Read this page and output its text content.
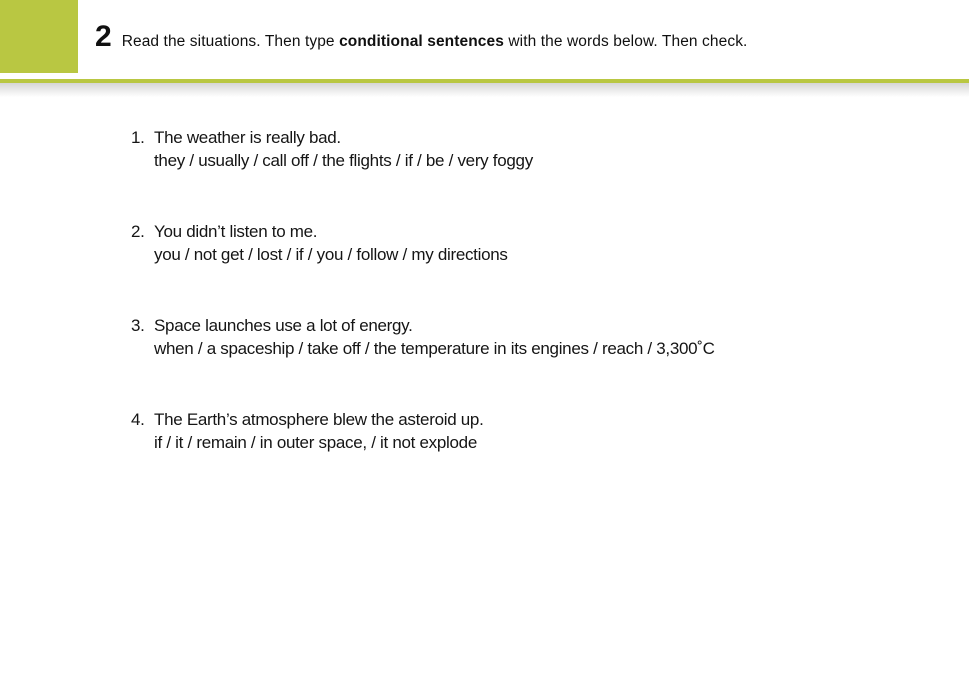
2 Read the situations. Then type conditional sentences with the words below. Then check.

1. The weather is really bad.
they / usually / call off / the flights / if / be / very foggy
2. You didn’t listen to me.
you / not get / lost / if / you / follow / my directions
3. Space launches use a lot of energy.
when / a spaceship / take off / the temperature in its engines / reach / 3,300˚C
4. The Earth’s atmosphere blew the asteroid up.
if / it / remain / in outer space, / it not explode
